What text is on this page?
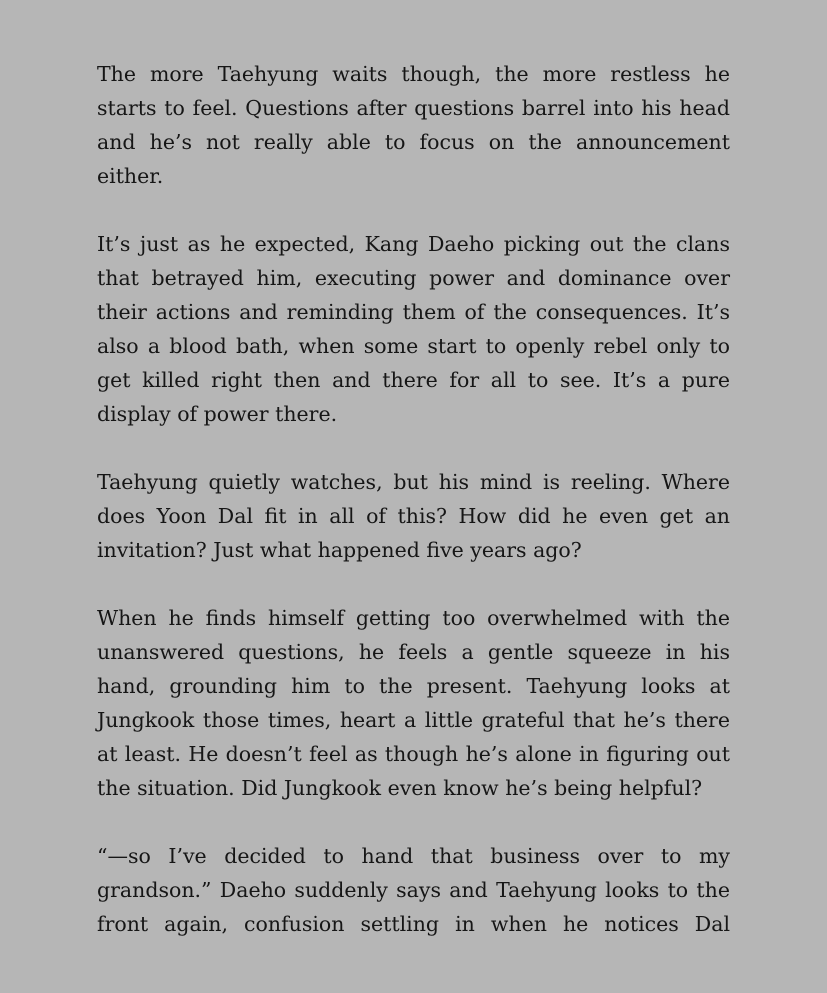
The more Taehyung waits though, the more restless he starts to feel. Questions after questions barrel into his head and he’s not really able to focus on the announcement either.

It’s just as he expected, Kang Daeho picking out the clans that betrayed him, executing power and dominance over their actions and reminding them of the consequences. It’s also a blood bath, when some start to openly rebel only to get killed right then and there for all to see. It’s a pure display of power there.

Taehyung quietly watches, but his mind is reeling. Where does Yoon Dal fit in all of this? How did he even get an invitation? Just what happened five years ago?

When he finds himself getting too overwhelmed with the unanswered questions, he feels a gentle squeeze in his hand, grounding him to the present. Taehyung looks at Jungkook those times, heart a little grateful that he’s there at least. He doesn’t feel as though he’s alone in figuring out the situation. Did Jungkook even know he’s being helpful?

“—so I’ve decided to hand that business over to my grandson.” Daeho suddenly says and Taehyung looks to the front again, confusion settling in when he notices Dal
